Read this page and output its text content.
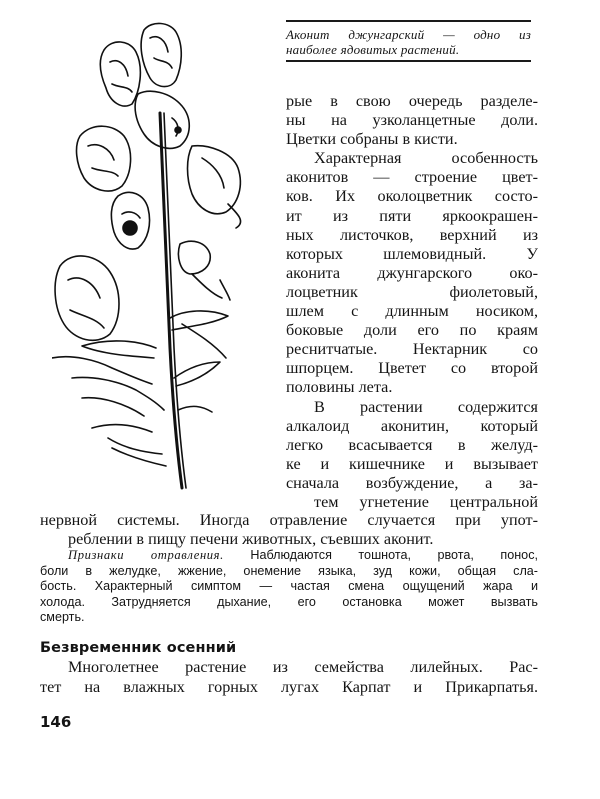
Аконит джунгарский — одно из
наиболее ядовитых растений.
рые в свою очередь разделе-
ны на узколанцетные доли.
Цветки собраны в кисти.
Характерная особенность
аконитов — строение цвет-
ков. Их околоцветник состо-
ит из пяти яркоокрашен-
ных листочков, верхний из
которых шлемовидный. У
аконита джунгарского око-
лоцветник фиолетовый,
шлем с длинным носиком,
боковые доли его по краям
реснитчатые. Нектарник со
шпорцем. Цветет со второй
половины лета.
В растении содержится
алкалоид аконитин, который
легко всасывается в желуд-
ке и кишечнике и вызывает
сначала возбуждение, а за-
тем угнетение центральной
нервной системы. Иногда отравление случается при упот-
реблении в пищу печени животных, съевших аконит.
Признаки отравления. Наблюдаются тошнота, рвота, понос,
боли в желудке, жжение, онемение языка, зуд кожи, общая сла-
бость. Характерный симптом — частая смена ощущений жара и
холода. Затрудняется дыхание, его остановка может вызвать
смерть.
Безвременник осенний
Многолетнее растение из семейства лилейных. Рас-
тет на влажных горных лугах Карпат и Прикарпатья.
146
